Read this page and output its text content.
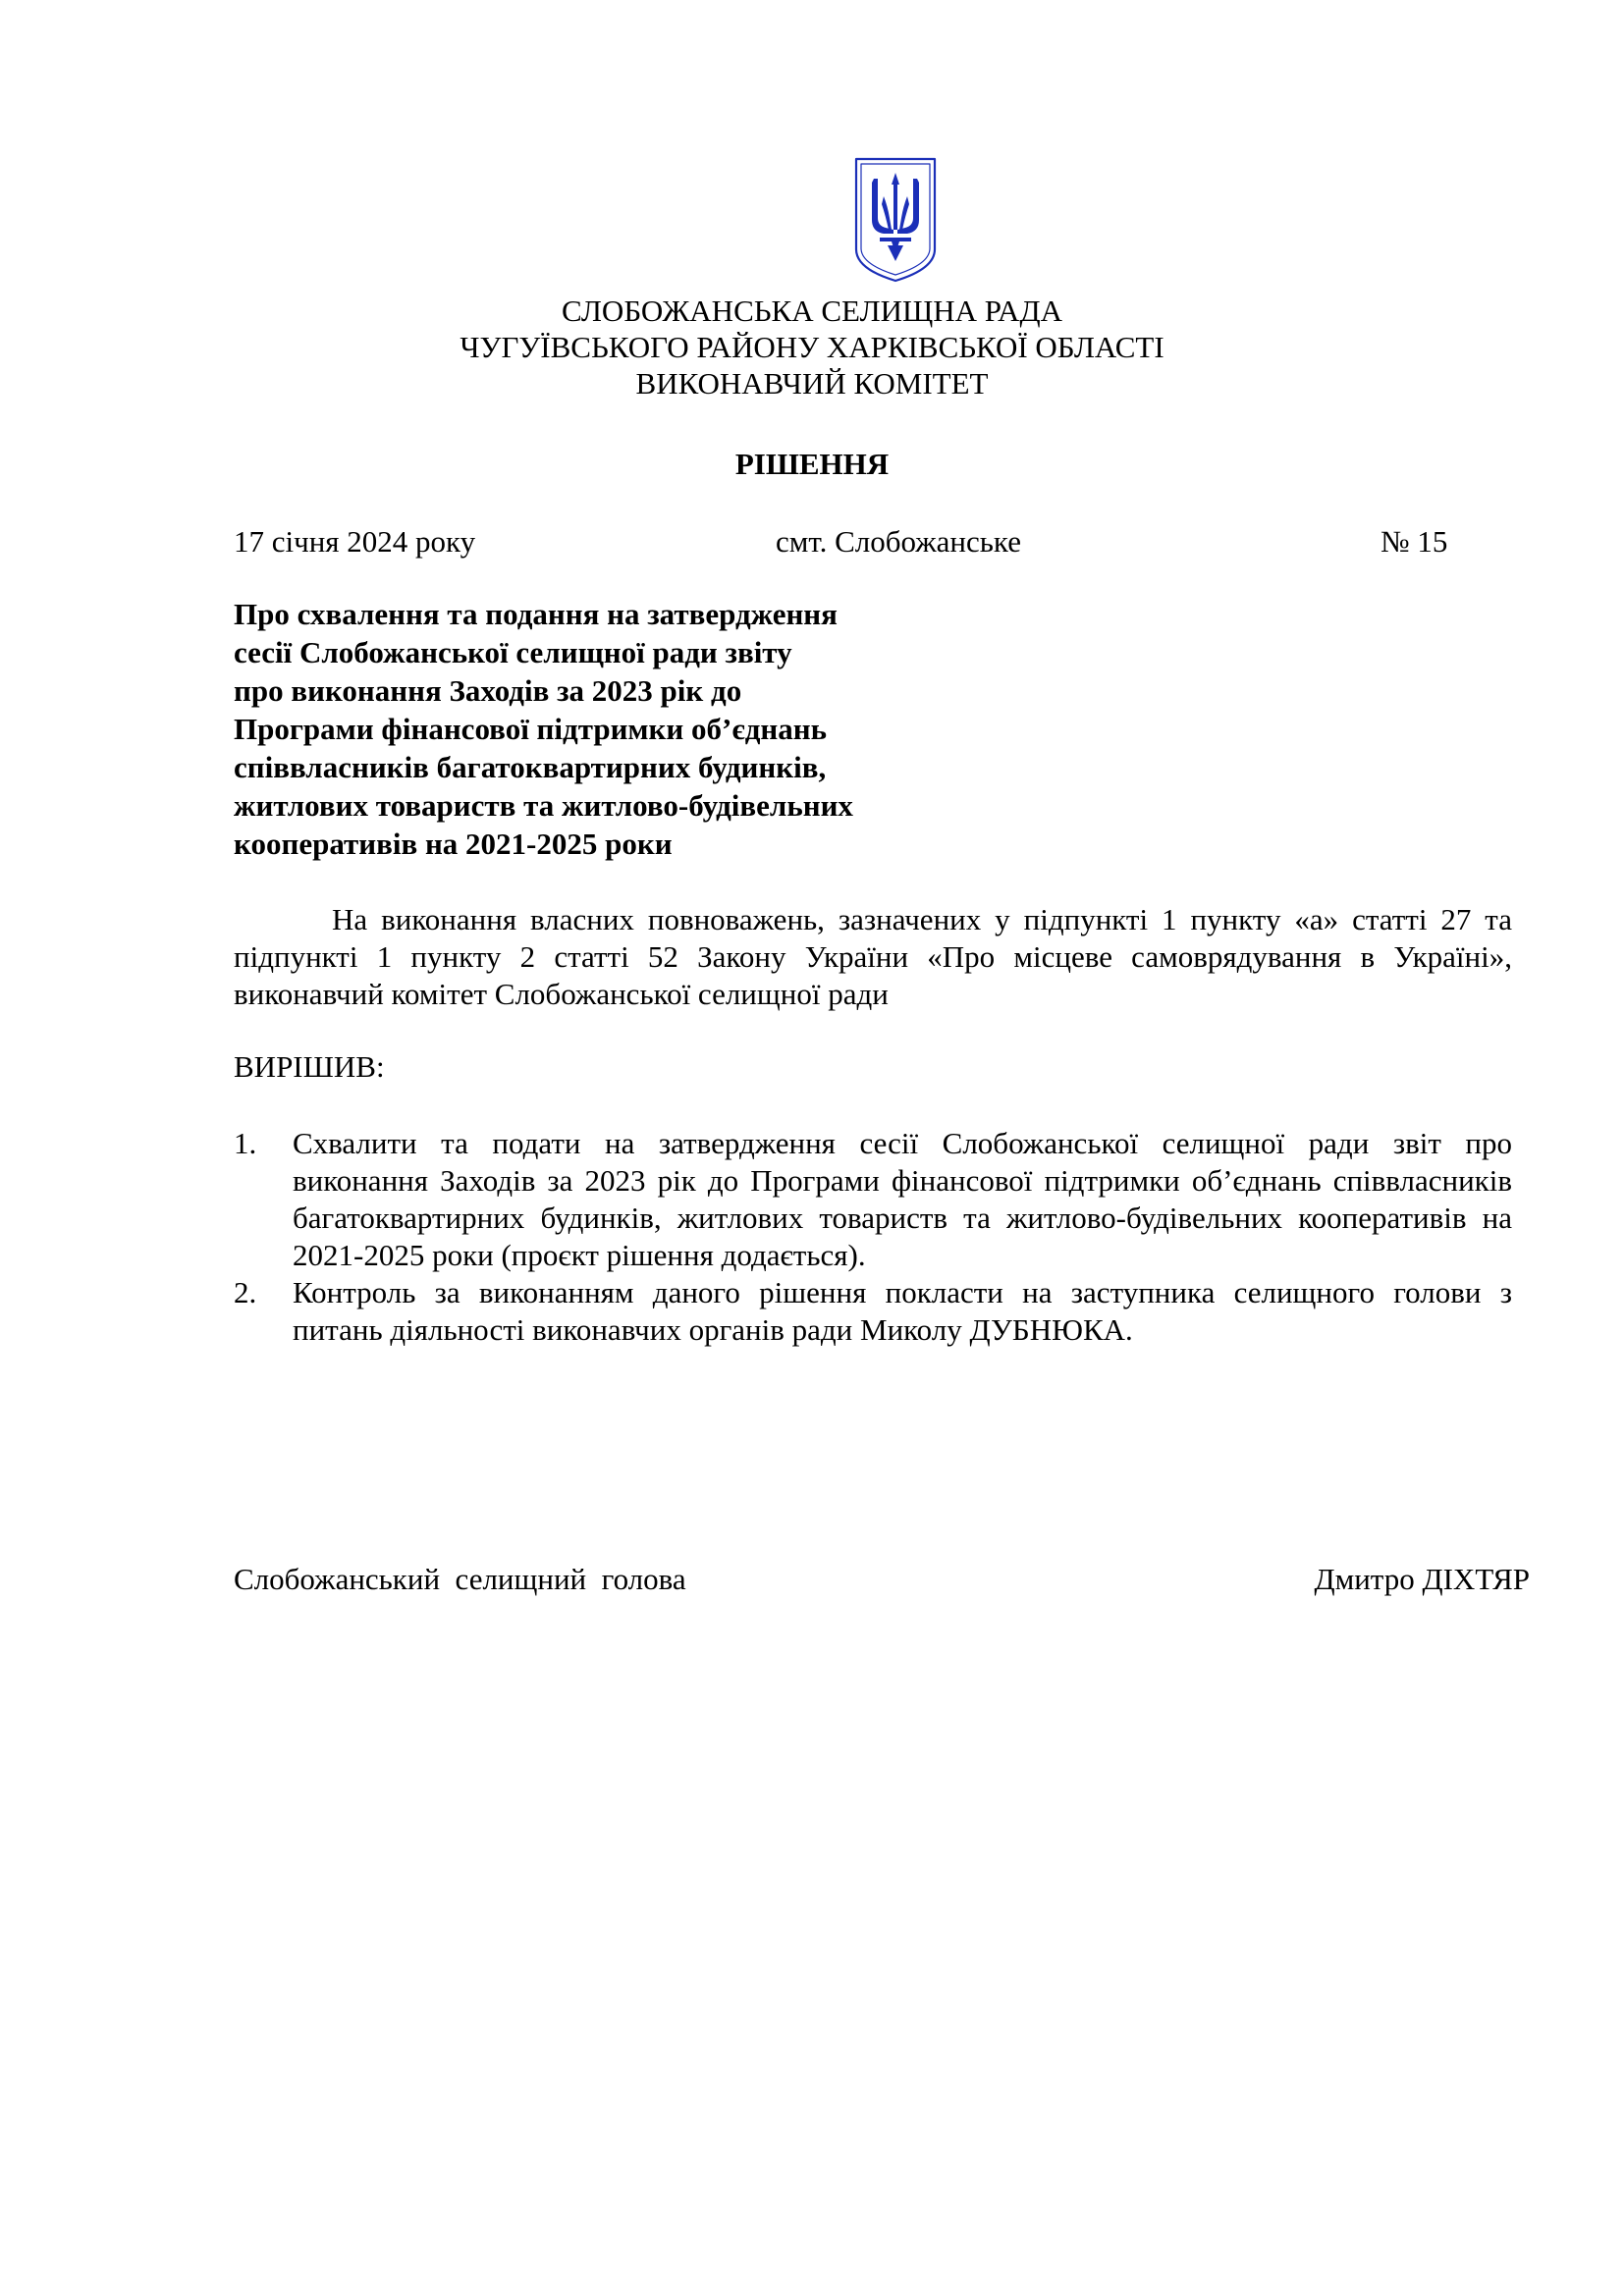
СЛОБОЖАНСЬКА СЕЛИЩНА РАДА
ЧУГУЇВСЬКОГО РАЙОНУ ХАРКІВСЬКОЇ ОБЛАСТІ
ВИКОНАВЧИЙ КОМІТЕТ
РІШЕННЯ
17 січня 2024 року	смт. Слобожанське	№ 15
Про схвалення та подання на затвердження
сесії Слобожанської селищної ради звіту
про виконання Заходів за 2023 рік до
Програми фінансової підтримки об’єднань
співвласників багатоквартирних будинків,
житлових товариств та житлово-будівельних
кооперативів на 2021-2025 роки
На виконання власних повноважень, зазначених у підпункті 1 пункту «а» статті 27 та
підпункті 1 пункту 2 статті 52 Закону України «Про місцеве самоврядування в Україні»,
виконавчий комітет Слобожанської селищної ради
ВИРІШИВ:
1. Схвалити та подати на затвердження сесії Слобожанської селищної ради звіт про
виконання Заходів за 2023 рік до Програми фінансової підтримки об’єднань співвласників
багатоквартирних будинків, житлових товариств та житлово-будівельних кооперативів на
2021-2025 роки (проєкт рішення додається).
2. Контроль за виконанням даного рішення покласти на заступника селищного голови з
питань діяльності виконавчих органів ради Миколу ДУБНЮКА.
Слобожанський  селищний  голова	Дмитро ДІХТЯР
